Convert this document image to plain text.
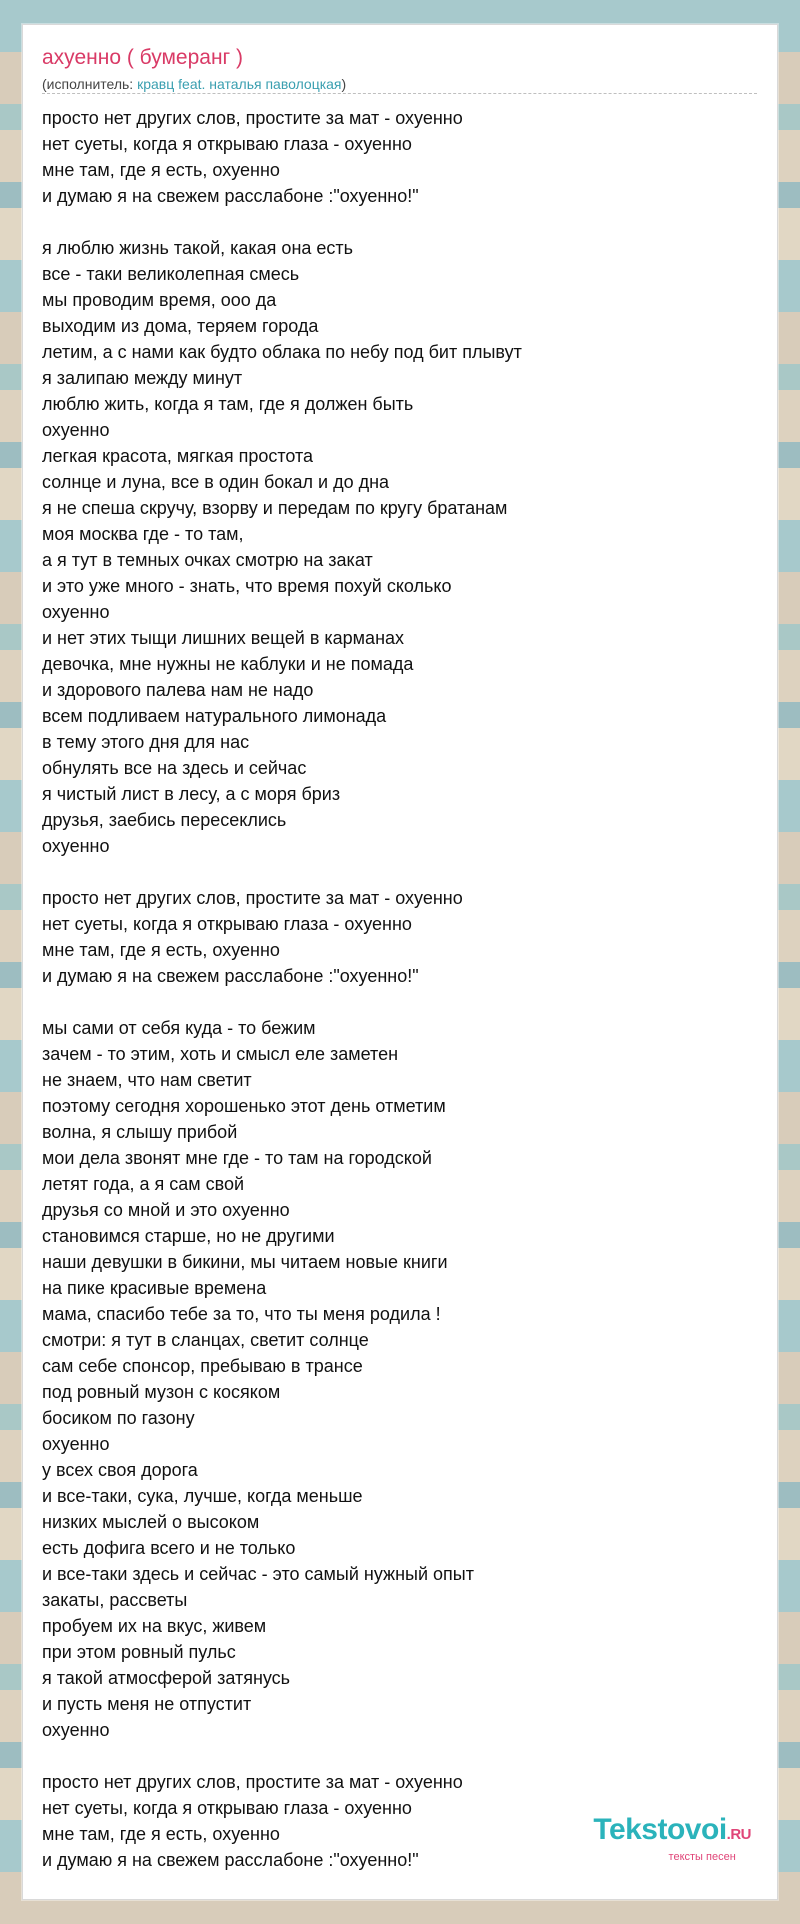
ахуенно ( бумеранг )
(исполнитель: кравц feat. наталья паволоцкая)
просто нет других слов, простите за мат - охуенно
нет суеты, когда я открываю глаза - охуенно
мне там, где я есть, охуенно
и думаю я на свежем расслабоне :"охуенно!"
я люблю жизнь такой, какая она есть
все - таки великолепная смесь
мы проводим время, ооо да
выходим из дома, теряем города
летим, а с нами как будто облака по небу под бит плывут
я залипаю между минут
люблю жить, когда я там, где я должен быть
охуенно
легкая красота, мягкая простота
солнце и луна, все в один бокал и до дна
я не спеша скручу, взорву и передам по кругу братанам
моя москва где - то там,
а я тут в темных очках смотрю на закат
и это уже много - знать, что время похуй сколько
охуенно
и нет этих тыщи лишних вещей в карманах
девочка, мне нужны не каблуки и не помада
и здорового палева нам не надо
всем подливаем натурального лимонада
в тему этого дня для нас
обнулять все на здесь и сейчас
я чистый лист в лесу, а с моря бриз
друзья, заебись пересеклись
охуенно
просто нет других слов, простите за мат - охуенно
нет суеты, когда я открываю глаза - охуенно
мне там, где я есть, охуенно
и думаю я на свежем расслабоне :"охуенно!"
мы сами от себя куда - то бежим
зачем - то этим, хоть и смысл еле заметен
не знаем, что нам светит
поэтому сегодня хорошенько этот день отметим
волна, я слышу прибой
мои дела звонят мне где - то там на городской
летят года, а я сам свой
друзья со мной и это охуенно
становимся старше, но не другими
наши девушки в бикини, мы читаем новые книги
на пике красивые времена
мама, спасибо тебе за то, что ты меня родила !
смотри: я тут в сланцах, светит солнце
сам себе спонсор, пребываю в трансе
под ровный музон с косяком
босиком по газону
охуенно
у всех своя дорога
и все-таки, сука, лучше, когда меньше
низких мыслей о высоком
есть дофига всего и не только
и все-таки здесь и сейчас - это самый нужный опыт
закаты, рассветы
пробуем их на вкус, живем
при этом ровный пульс
я такой атмосферой затянусь
и пусть меня не отпустит
охуенно
просто нет других слов, простите за мат - охуенно
нет суеты, когда я открываю глаза - охуенно
мне там, где я есть, охуенно
и думаю я на свежем расслабоне :"охуенно!"
Tekstovoi.RU
тексты песен
